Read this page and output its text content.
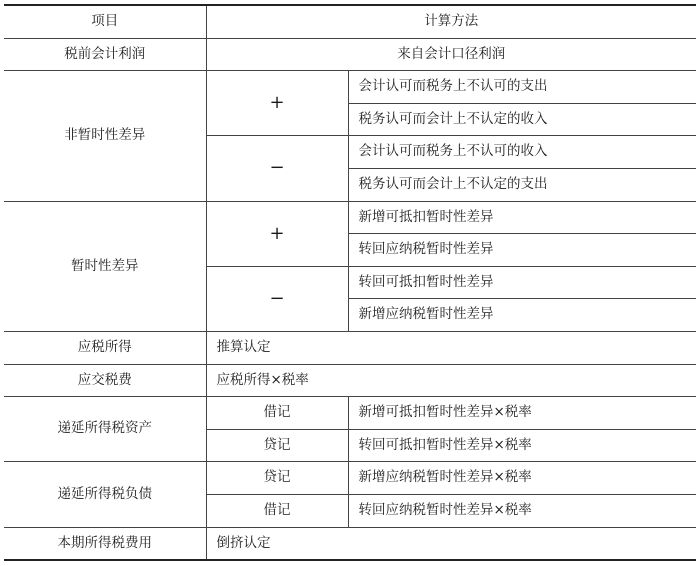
项目	计算方法	
税前会计利润	来自会计口径利润	
非暂时性差异	+	会计认可而税务上不认可的支出
		税务认可而会计上不认定的收入
	−	会计认可而税务上不认可的收入
		税务认可而会计上不认定的支出
暂时性差异	+	新增可抵扣暂时性差异
		转回应纳税暂时性差异
	−	转回可抵扣暂时性差异
		新增应纳税暂时性差异
应税所得	推算认定	
应交税费	应税所得×税率	
递延所得税资产	借记	新增可抵扣暂时性差异×税率
	贷记	转回可抵扣暂时性差异×税率
递延所得税负债	贷记	新增应纳税暂时性差异×税率
	借记	转回应纳税暂时性差异×税率
本期所得税费用	倒挤认定	
